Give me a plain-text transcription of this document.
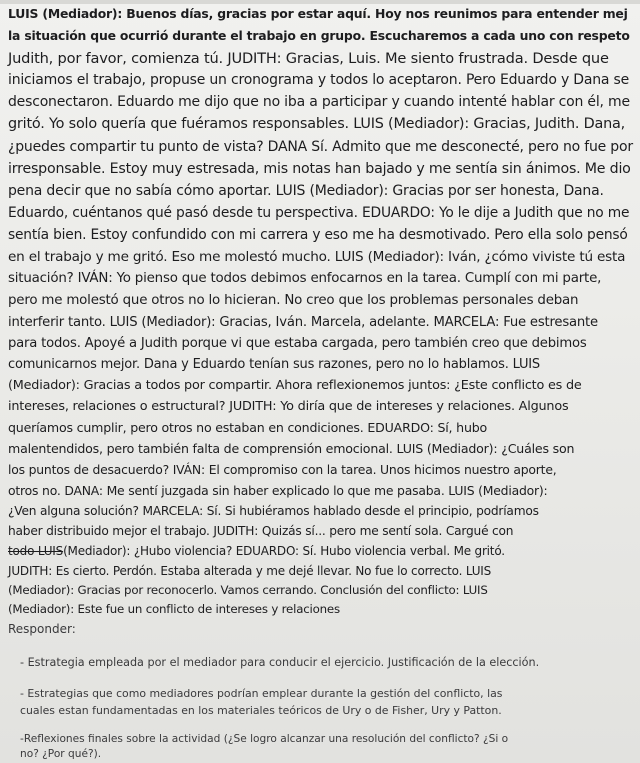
LUIS (Mediador): Buenos días, gracias por estar aquí. Hoy nos reunimos para entender mej
la situación que ocurrió durante el trabajo en grupo. Escucharemos a cada uno con respeto
Judith, por favor, comienza tú. JUDITH: Gracias, Luis. Me siento frustrada. Desde que
iniciamos el trabajo, propuse un cronograma y todos lo aceptaron. Pero Eduardo y Dana se
desconectaron. Eduardo me dijo que no iba a participar y cuando intenté hablar con él, me
gritó. Yo solo quería que fuéramos responsables. LUIS (Mediador): Gracias, Judith. Dana,
¿puedes compartir tu punto de vista? DANA Sí. Admito que me desconecté, pero no fue por
irresponsable. Estoy muy estresada, mis notas han bajado y me sentía sin ánimos. Me dio
pena decir que no sabía cómo aportar. LUIS (Mediador): Gracias por ser honesta, Dana.
Eduardo, cuéntanos qué pasó desde tu perspectiva. EDUARDO: Yo le dije a Judith que no me
sentía bien. Estoy confundido con mi carrera y eso me ha desmotivado. Pero ella solo pensó
en el trabajo y me gritó. Eso me molestó mucho. LUIS (Mediador): Iván, ¿cómo viviste tú esta
situación? IVÁN: Yo pienso que todos debimos enfocarnos en la tarea. Cumplí con mi parte,
pero me molestó que otros no lo hicieran. No creo que los problemas personales deban
interferir tanto. LUIS (Mediador): Gracias, Iván. Marcela, adelante. MARCELA: Fue estresante
para todos. Apoyé a Judith porque vi que estaba cargada, pero también creo que debimos
comunicarnos mejor. Dana y Eduardo tenían sus razones, pero no lo hablamos. LUIS
(Mediador): Gracias a todos por compartir. Ahora reflexionemos juntos: ¿Este conflicto es de
intereses, relaciones o estructural? JUDITH: Yo diría que de intereses y relaciones. Algunos
queríamos cumplir, pero otros no estaban en condiciones. EDUARDO: Sí, hubo
malentendidos, pero también falta de comprensión emocional. LUIS (Mediador): ¿Cuáles son
los puntos de desacuerdo? IVÁN: El compromiso con la tarea. Unos hicimos nuestro aporte,
otros no. DANA: Me sentí juzgada sin haber explicado lo que me pasaba. LUIS (Mediador):
¿Ven alguna solución? MARCELA: Sí. Si hubiéramos hablado desde el principio, podríamos
haber distribuido mejor el trabajo. JUDITH: Quizás sí... pero me sentí sola. Cargué con
todo LUIS(Mediador): ¿Hubo violencia? EDUARDO: Sí. Hubo violencia verbal. Me gritó.
JUDITH: Es cierto. Perdón. Estaba alterada y me dejé llevar. No fue lo correcto. LUIS
(Mediador): Gracias por reconocerlo. Vamos cerrando. Conclusión del conflicto: LUIS
(Mediador): Este fue un conflicto de intereses y relaciones
Responder:
- Estrategia empleada por el mediador para conducir el ejercicio. Justificación de la elección.
- Estrategias que como mediadores podrían emplear durante la gestión del conflicto, las
cuales estan fundamentadas en los materiales teóricos de Ury o de Fisher, Ury y Patton.
-Reflexiones finales sobre la actividad (¿Se logro alcanzar una resolución del conflicto? ¿Si o
no? ¿Por qué?).
